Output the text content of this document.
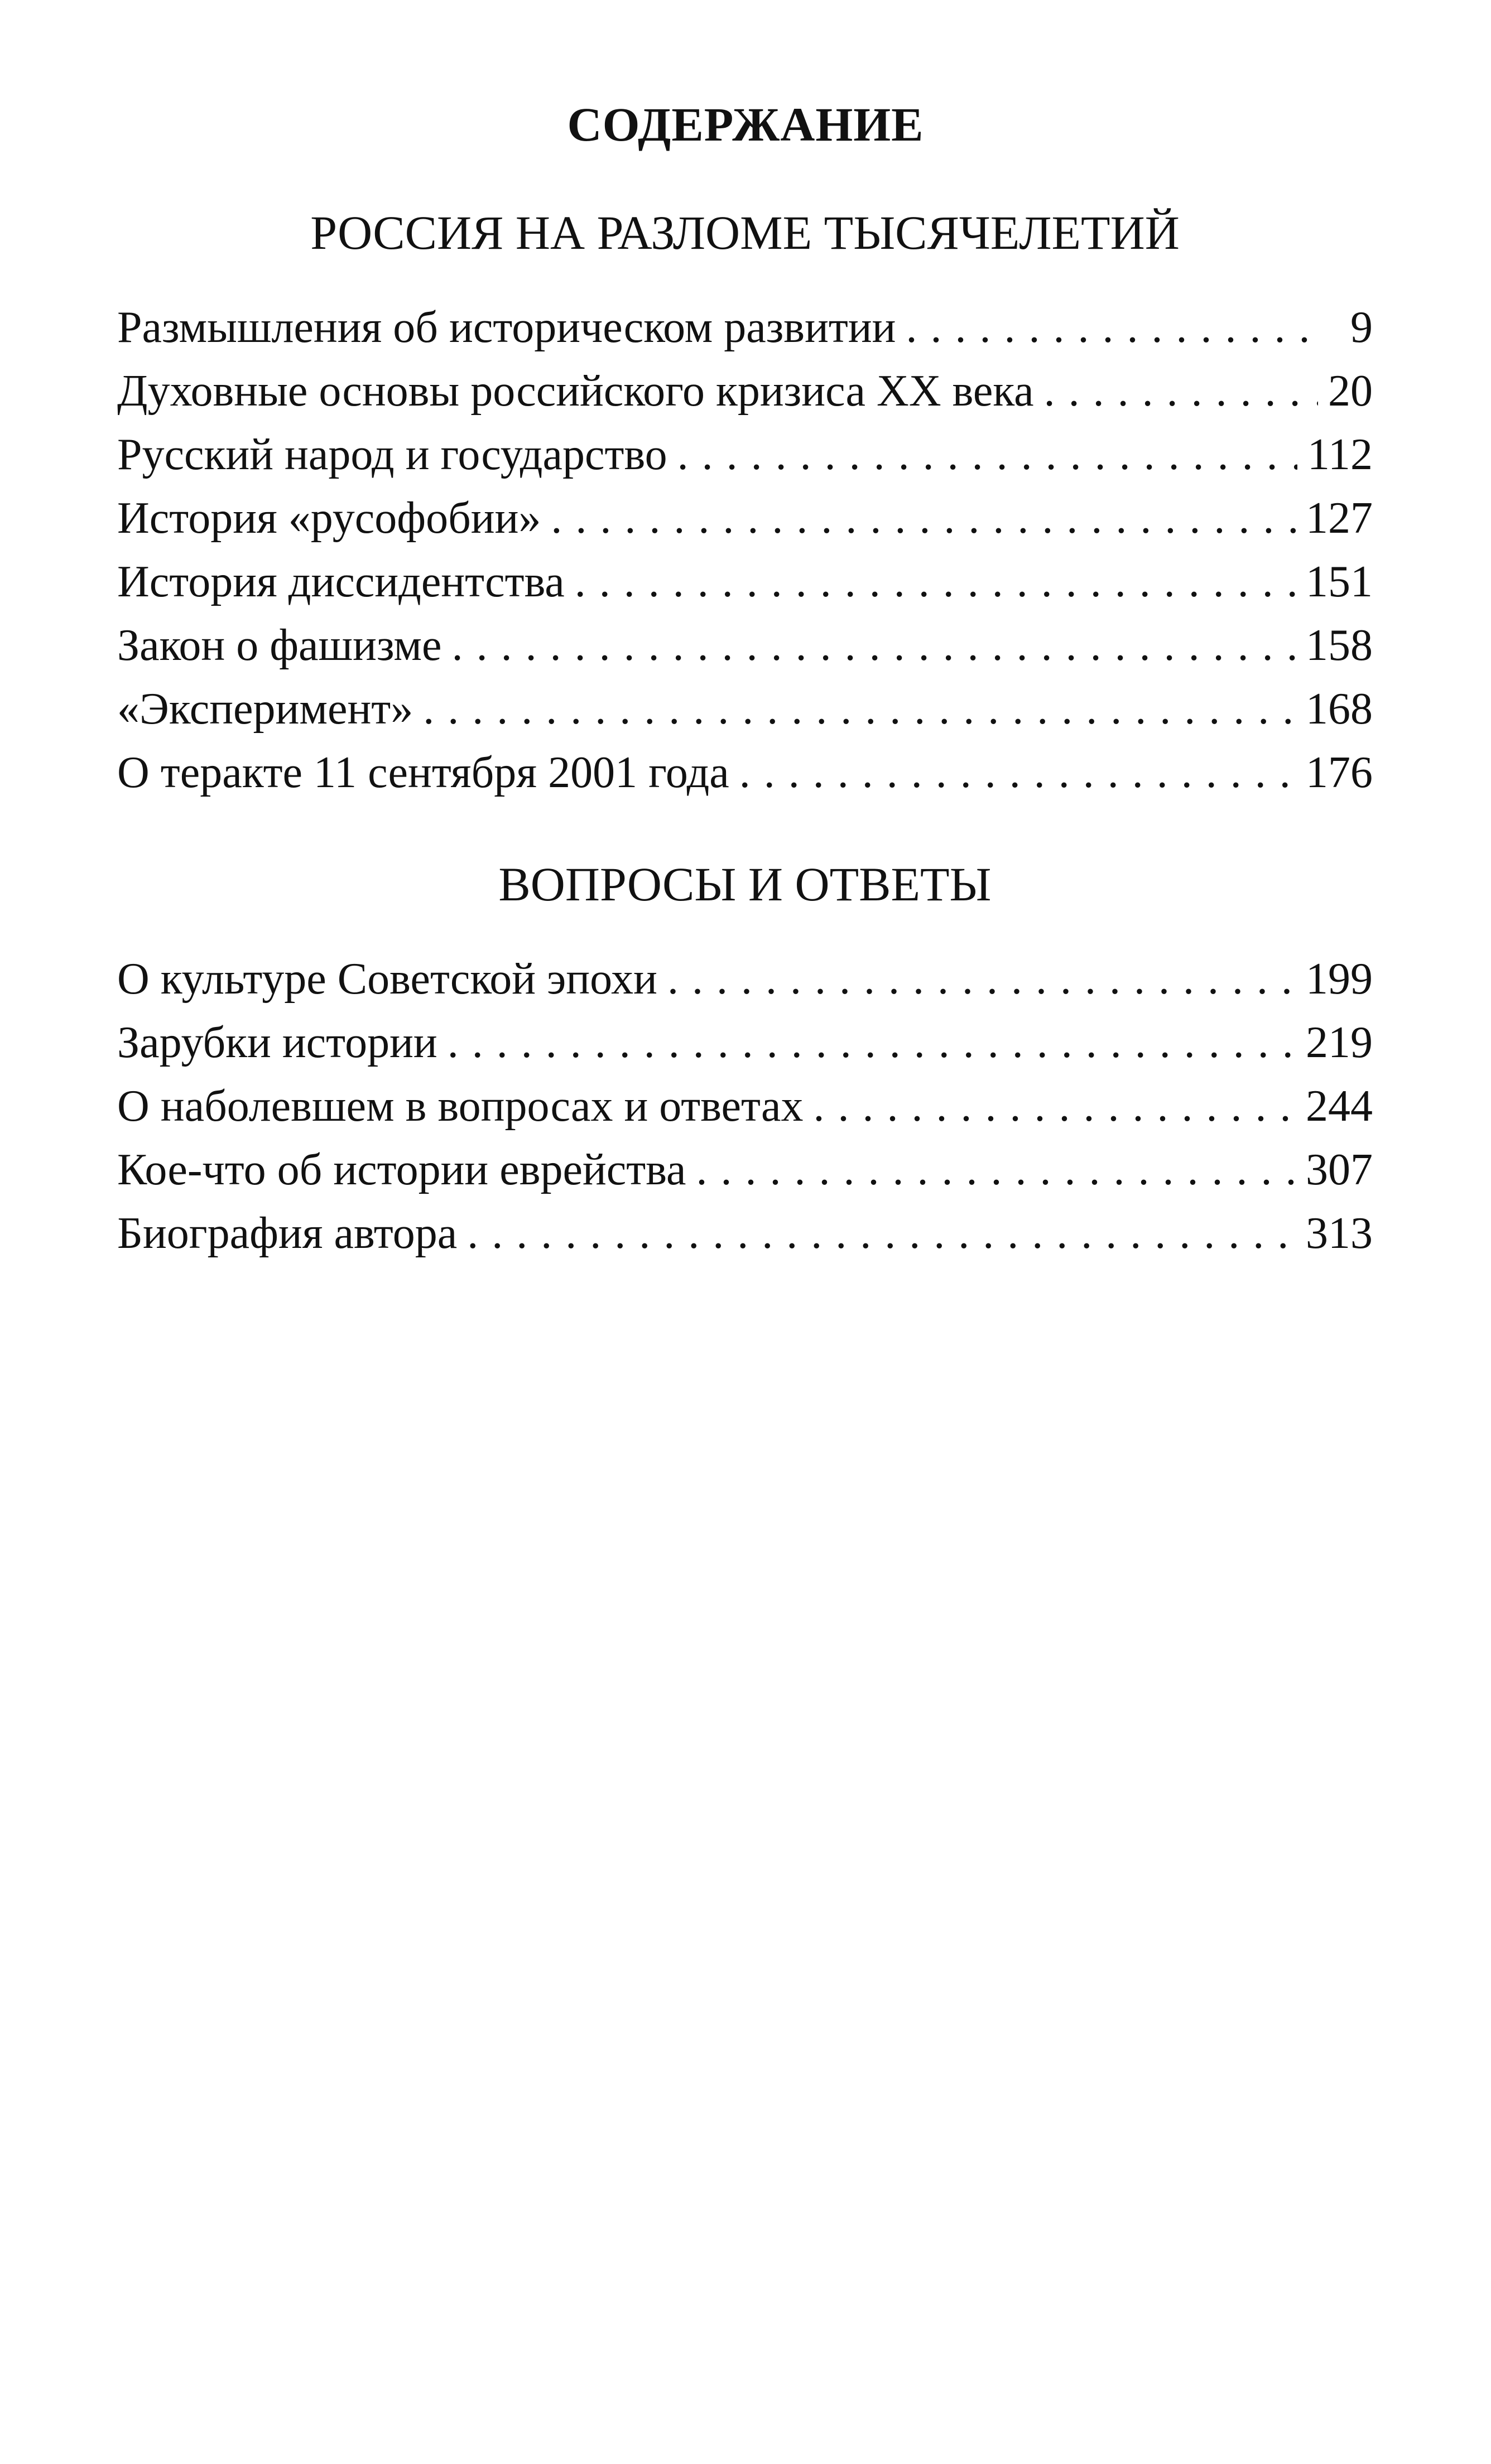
СОДЕРЖАНИЕ
РОССИЯ НА РАЗЛОМЕ ТЫСЯЧЕЛЕТИЙ
Размышления об историческом развитии . . .	9
Духовные основы российского кризиса XX века . . .	20
Русский народ и государство . . .	112
История «русофобии» . . .	127
История диссидентства . . .	151
Закон о фашизме . . .	158
«Эксперимент» . . .	168
О теракте 11 сентября 2001 года . . .	176
ВОПРОСЫ И ОТВЕТЫ
О культуре Советской эпохи . . .	199
Зарубки истории . . .	219
О наболевшем в вопросах и ответах . . .	244
Кое-что об истории еврейства . . .	307
Биография автора . . .	313
